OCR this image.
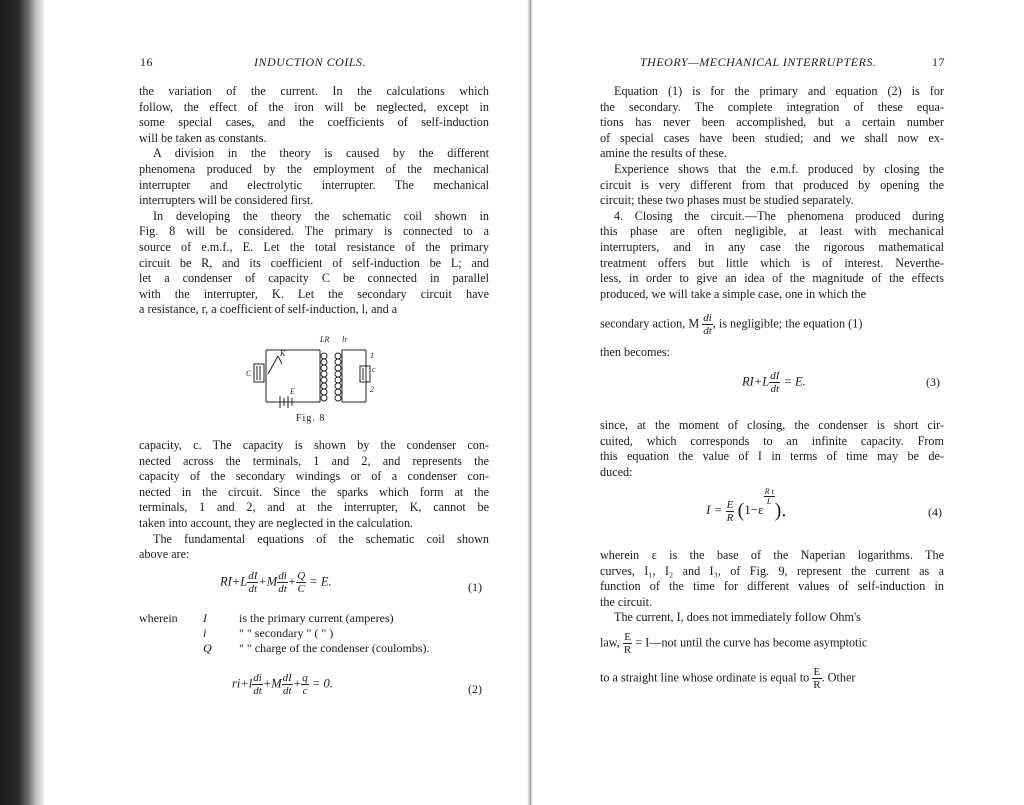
16	INDUCTION COILS.
the variation of the current. In the calculations which
follow, the effect of the iron will be neglected, except in
some special cases, and the coefficients of self-induction
will be taken as constants.
A division in the theory is caused by the different
phenomena produced by the employment of the mechanical
interrupter and electrolytic interrupter. The mechanical
interrupters will be considered first.
In developing the theory the schematic coil shown in
Fig. 8 will be considered. The primary is connected to a
source of e.m.f., E. Let the total resistance of the primary
circuit be R, and its coefficient of self-induction be L; and
let a condenser of capacity C be connected in parallel
with the interrupter, K. Let the secondary circuit have
a resistance, r, a coefficient of self-induction, l, and a
LR lr
C
K
c
1
2
E
Fig. 8
capacity, c. The capacity is shown by the condenser con-
nected across the terminals, 1 and 2, and represents the
capacity of the secondary windings or of a condenser con-
nected in the circuit. Since the sparks which form at the
terminals, 1 and 2, and at the interrupter, K, cannot be
taken into account, they are neglected in the calculation.
The fundamental equations of the schematic coil shown
above are:
$RI+L \frac{dI}{dt} +M \frac{di}{dt} + \frac{Q}{C} = E$.	(1)
wherein I	is the primary current (amperes)
i	" " secondary " ( " )
Q " " charge of the condenser (coulombs).
$ri+l \frac{di}{dt} +M \frac{dI}{dt} + \frac{q}{c} = 0$.	(2)
THEORY—MECHANICAL INTERRUPTERS.	17
Equation (1) is for the primary and equation (2) is for
the secondary. The complete integration of these equa-
tions has never been accomplished, but a certain number
of special cases have been studied; and we shall now ex-
amine the results of these.
Experience shows that the e.m.f. produced by closing the
circuit is very different from that produced by opening the
circuit; these two phases must be studied separately.
4. Closing the circuit.—The phenomena produced during
this phase are often negligible, at least with mechanical
interrupters, and in any case the rigorous mathematical
treatment offers but little which is of interest. Neverthe-
less, in order to give an idea of the magnitude of the effects
produced, we will take a simple case, one in which the
secondary action, M $\frac{di}{dt}$ , is negligible; the equation (1)
then becomes:
$RI+L \frac{dI}{dt} = E$.	(3)
since, at the moment of closing, the condenser is short cir-
cuited, which corresponds to an infinite capacity. From
this equation the value of I in terms of time may be de-
duced:
$I = \frac{E}{R} (1-\varepsilon$
$^{\frac{\text{R t}}{L}}$
).	(4)
wherein ε is the base of the Naperian logarithms. The
curves, I₁, I₂ and I₃, of Fig. 9, represent the current as a
function of the time for different values of self-induction in
the circuit.
The current, I, does not immediately follow Ohm's
law, $\frac{E}{R}$ = I—not until the curve has become asymptotic
to a straight line whose ordinate is equal to $\frac{E}{R}$ . Other
